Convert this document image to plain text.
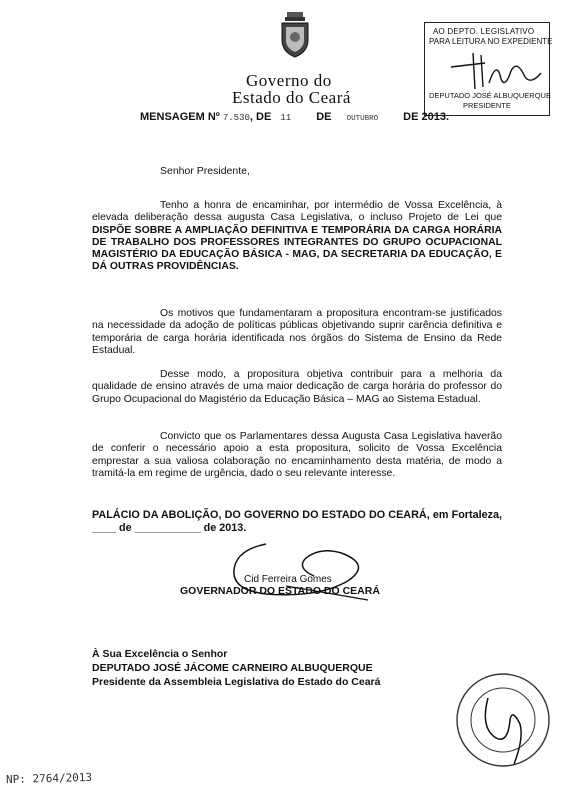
Governo do
Estado do Ceará
AO DEPTO. LEGISLATIVO
PARA LEITURA NO EXPEDIENTE
DEPUTADO JOSÉ ALBUQUERQUE
PRESIDENTE
MENSAGEM Nº 7.530, DE 11 DE OUTUBRO DE 2013.
Senhor Presidente,

Tenho a honra de encaminhar, por intermédio de Vossa Excelência, à elevada deliberação dessa augusta Casa Legislativa, o incluso Projeto de Lei que DISPÕE SOBRE A AMPLIAÇÃO DEFINITIVA E TEMPORÁRIA DA CARGA HORÁRIA DE TRABALHO DOS PROFESSORES INTEGRANTES DO GRUPO OCUPACIONAL MAGISTÉRIO DA EDUCAÇÃO BÁSICA - MAG, DA SECRETARIA DA EDUCAÇÃO, E DÁ OUTRAS PROVIDÊNCIAS.

Os motivos que fundamentaram a propositura encontram-se justificados na necessidade da adoção de políticas públicas objetivando suprir carência definitiva e temporária de carga horária identificada nos órgãos do Sistema de Ensino da Rede Estadual.

Desse modo, a propositura objetiva contribuir para a melhoria da qualidade de ensino através de uma maior dedicação de carga horária do professor do Grupo Ocupacional do Magistério da Educação Básica – MAG ao Sistema Estadual.

Convicto que os Parlamentares dessa Augusta Casa Legislativa haverão de conferir o necessário apoio a esta propositura, solicito de Vossa Excelência emprestar a sua valiosa colaboração no encaminhamento desta matéria, de modo a tramitá-la em regime de urgência, dado o seu relevante interesse.

PALÁCIO DA ABOLIÇÃO, DO GOVERNO DO ESTADO DO CEARÁ, em Fortaleza, ____ de ___________ de 2013.
Cid Ferreira Gomes
GOVERNADOR DO ESTADO DO CEARÁ
À Sua Excelência o Senhor
DEPUTADO JOSÉ JÁCOME CARNEIRO ALBUQUERQUE
Presidente da Assembleia Legislativa do Estado do Ceará
NP: 2764/2013
